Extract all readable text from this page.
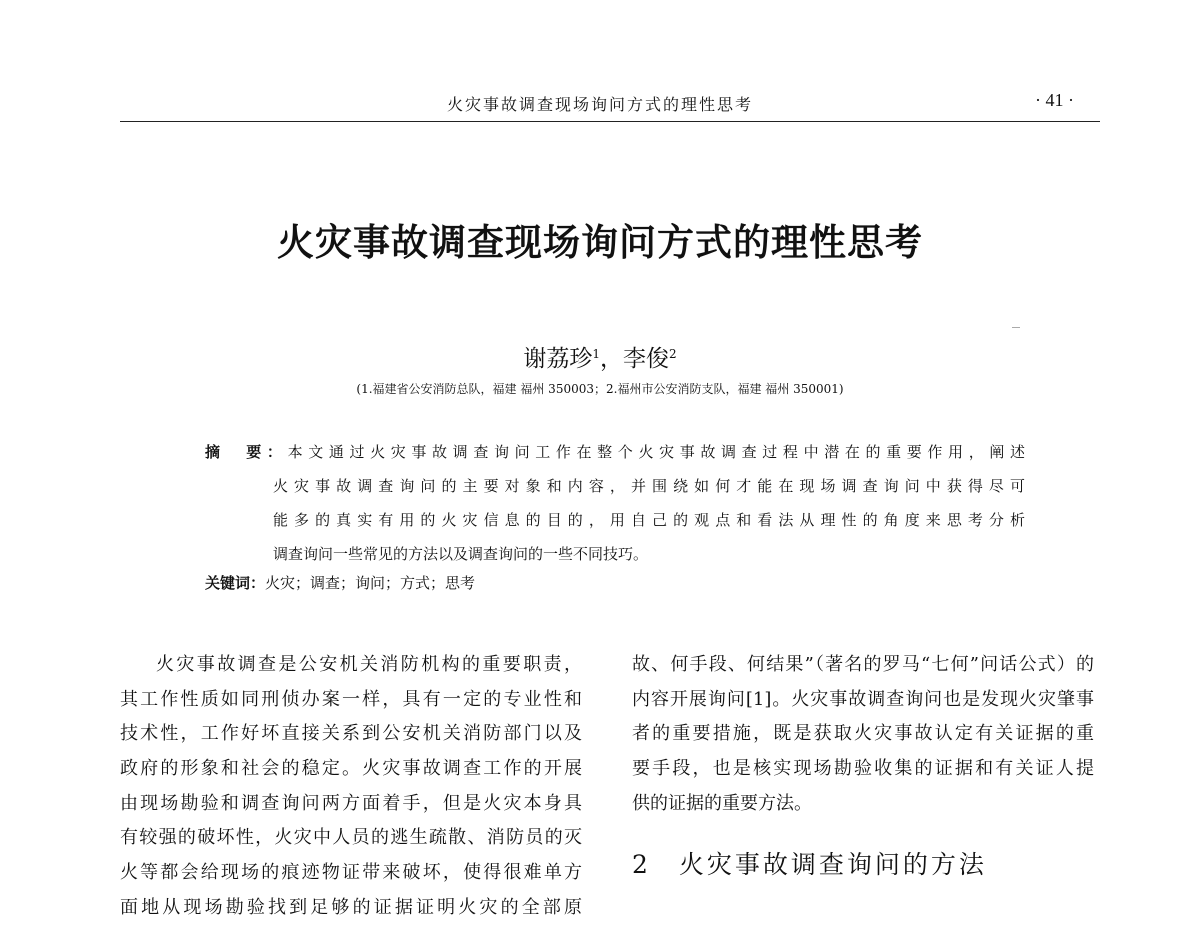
火灾事故调查现场询问方式的理性思考	· 41 ·
火灾事故调查现场询问方式的理性思考
谢荔珍$^1$，李俊$^2$
(1.福建省公安消防总队，福建 福州 350003；2.福州市公安消防支队，福建 福州 350001)
摘　要：本文通过火灾事故调查询问工作在整个火灾事故调查过程中潜在的重要作用，阐述
火灾事故调查询问的主要对象和内容，并围绕如何才能在现场调查询问中获得尽可
能多的真实有用的火灾信息的目的，用自己的观点和看法从理性的角度来思考分析
调查询问一些常见的方法以及调查询问的一些不同技巧。
关键词：火灾；调查；询问；方式；思考
火灾事故调查是公安机关消防机构的重要职责，
其工作性质如同刑侦办案一样，具有一定的专业性和
技术性，工作好坏直接关系到公安机关消防部门以及
政府的形象和社会的稳定。火灾事故调查工作的开展
由现场勘验和调查询问两方面着手，但是火灾本身具
有较强的破坏性，火灾中人员的逃生疏散、消防员的灭
火等都会给现场的痕迹物证带来破坏，使得很难单方
面地从现场勘验找到足够的证据证明火灾的全部原
故、何手段、何结果”（著名的罗马“七何”问话公式）的
内容开展询问[1]。火灾事故调查询问也是发现火灾肇事
者的重要措施，既是获取火灾事故认定有关证据的重
要手段，也是核实现场勘验收集的证据和有关证人提
供的证据的重要方法。
2　火灾事故调查询问的方法
